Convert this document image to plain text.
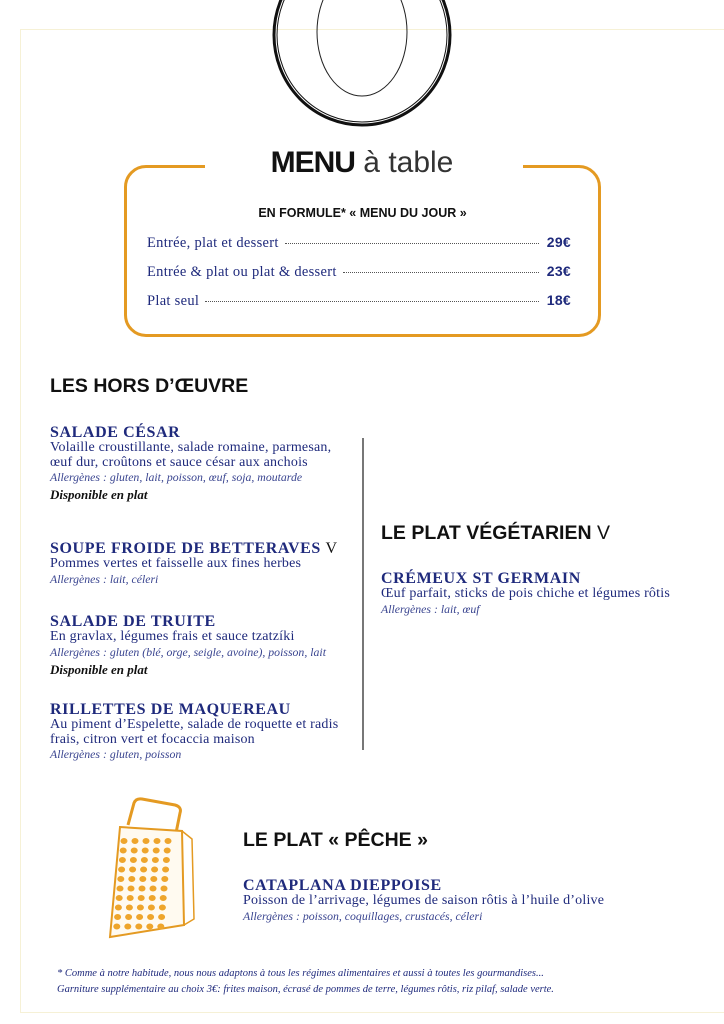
MENU à table
EN FORMULE* « MENU DU JOUR »
Entrée, plat et dessert	29€
Entrée & plat ou plat & dessert	23€
Plat seul	18€
LES HORS D’ŒUVRE
SALADE CÉSAR
Volaille croustillante, salade romaine, parmesan, œuf dur, croûtons et sauce césar aux anchois
Allergènes : gluten, lait, poisson, œuf, soja, moutarde
Disponible en plat
SOUPE FROIDE DE BETTERAVES V
Pommes vertes et faisselle aux fines herbes
Allergènes : lait, céleri
SALADE DE TRUITE
En gravlax, légumes frais et sauce tzatzíki
Allergènes : gluten (blé, orge, seigle, avoine), poisson, lait
Disponible en plat
RILLETTES DE MAQUEREAU
Au piment d’Espelette, salade de roquette et radis frais, citron vert et focaccia maison
Allergènes : gluten, poisson
LE PLAT VÉGÉTARIEN V
CRÉMEUX ST GERMAIN
Œuf parfait, sticks de pois chiche et légumes rôtis
Allergènes : lait, œuf
LE PLAT « PÊCHE »
CATAPLANA DIEPPOISE
Poisson de l’arrivage, légumes de saison rôtis à l’huile d’olive
Allergènes : poisson, coquillages, crustacés, céleri
* Comme à notre habitude, nous nous adaptons à tous les régimes alimentaires et aussi à toutes les gourmandises...
Garniture supplémentaire au choix 3€: frites maison, écrasé de pommes de terre, légumes rôtis, riz pilaf, salade verte.
